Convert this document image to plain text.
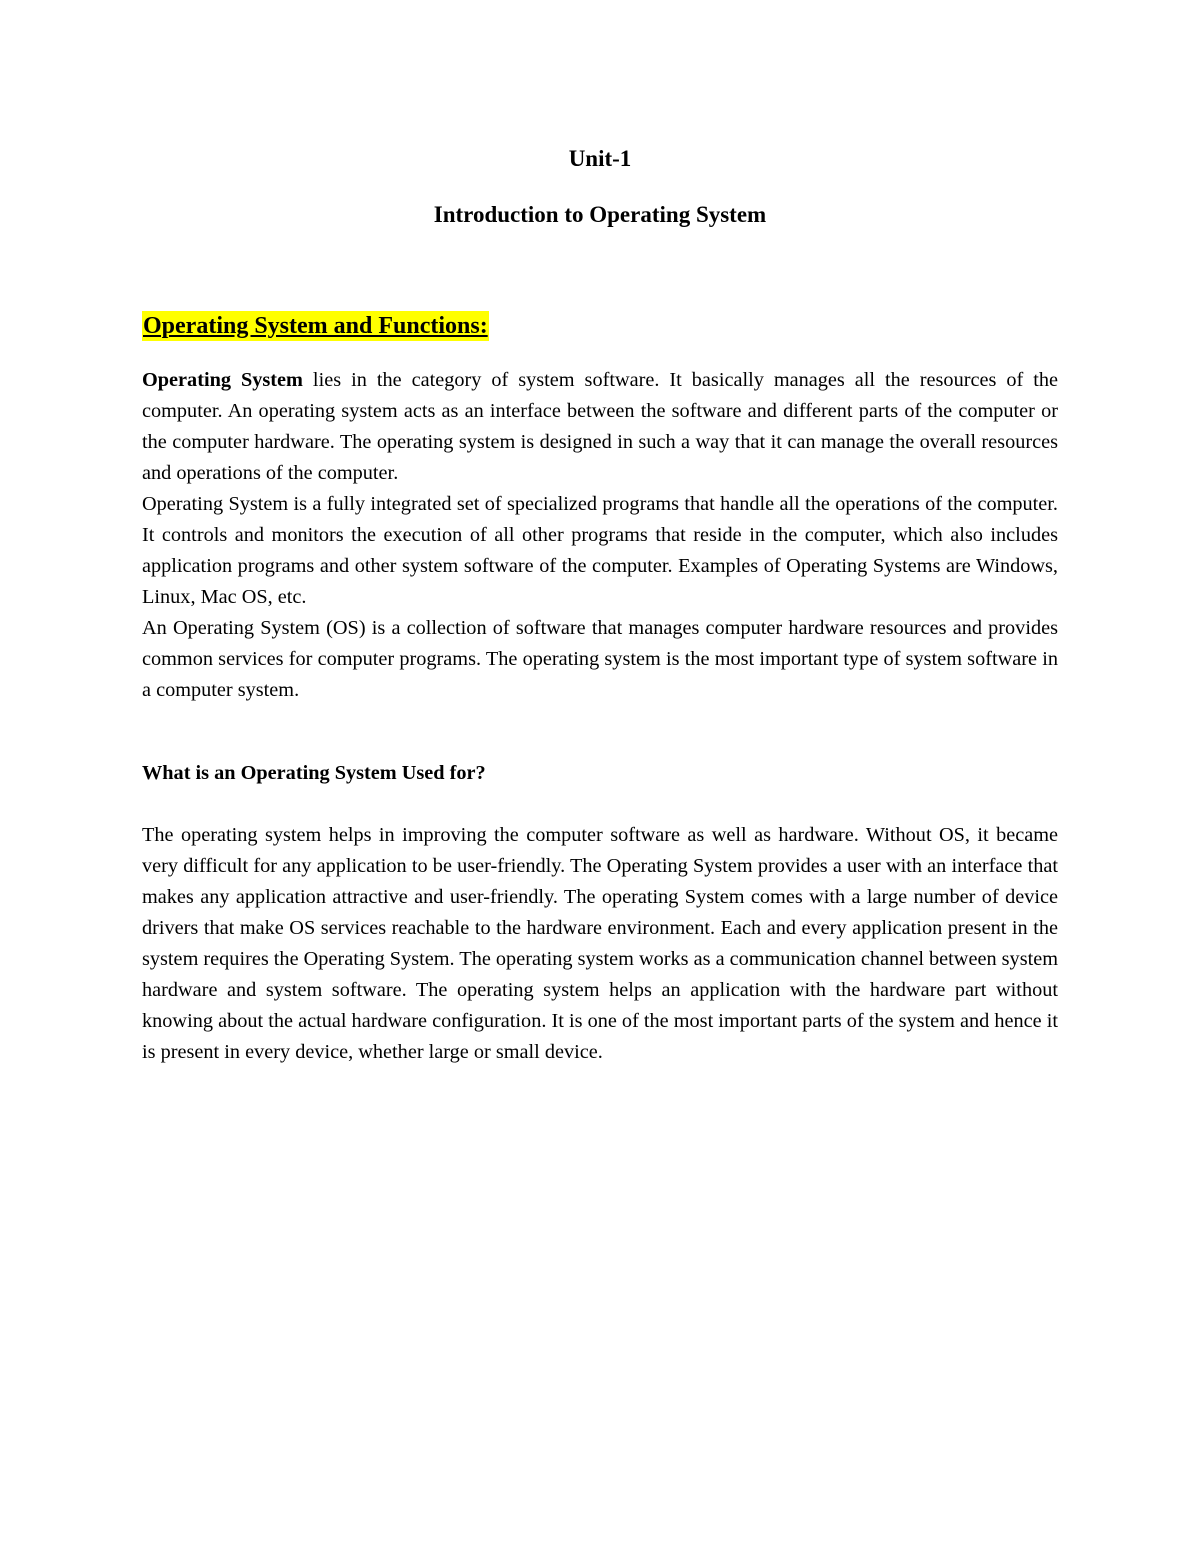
Unit-1
Introduction to Operating System
Operating System and Functions:

Operating System lies in the category of system software. It basically manages all the resources of the computer. An operating system acts as an interface between the software and different parts of the computer or the computer hardware. The operating system is designed in such a way that it can manage the overall resources and operations of the computer.

Operating System is a fully integrated set of specialized programs that handle all the operations of the computer. It controls and monitors the execution of all other programs that reside in the computer, which also includes application programs and other system software of the computer. Examples of Operating Systems are Windows, Linux, Mac OS, etc.

An Operating System (OS) is a collection of software that manages computer hardware resources and provides common services for computer programs. The operating system is the most important type of system software in a computer system.

What is an Operating System Used for?

The operating system helps in improving the computer software as well as hardware. Without OS, it became very difficult for any application to be user-friendly. The Operating System provides a user with an interface that makes any application attractive and user-friendly. The operating System comes with a large number of device drivers that make OS services reachable to the hardware environment. Each and every application present in the system requires the Operating System. The operating system works as a communication channel between system hardware and system software. The operating system helps an application with the hardware part without knowing about the actual hardware configuration. It is one of the most important parts of the system and hence it is present in every device, whether large or small device.
